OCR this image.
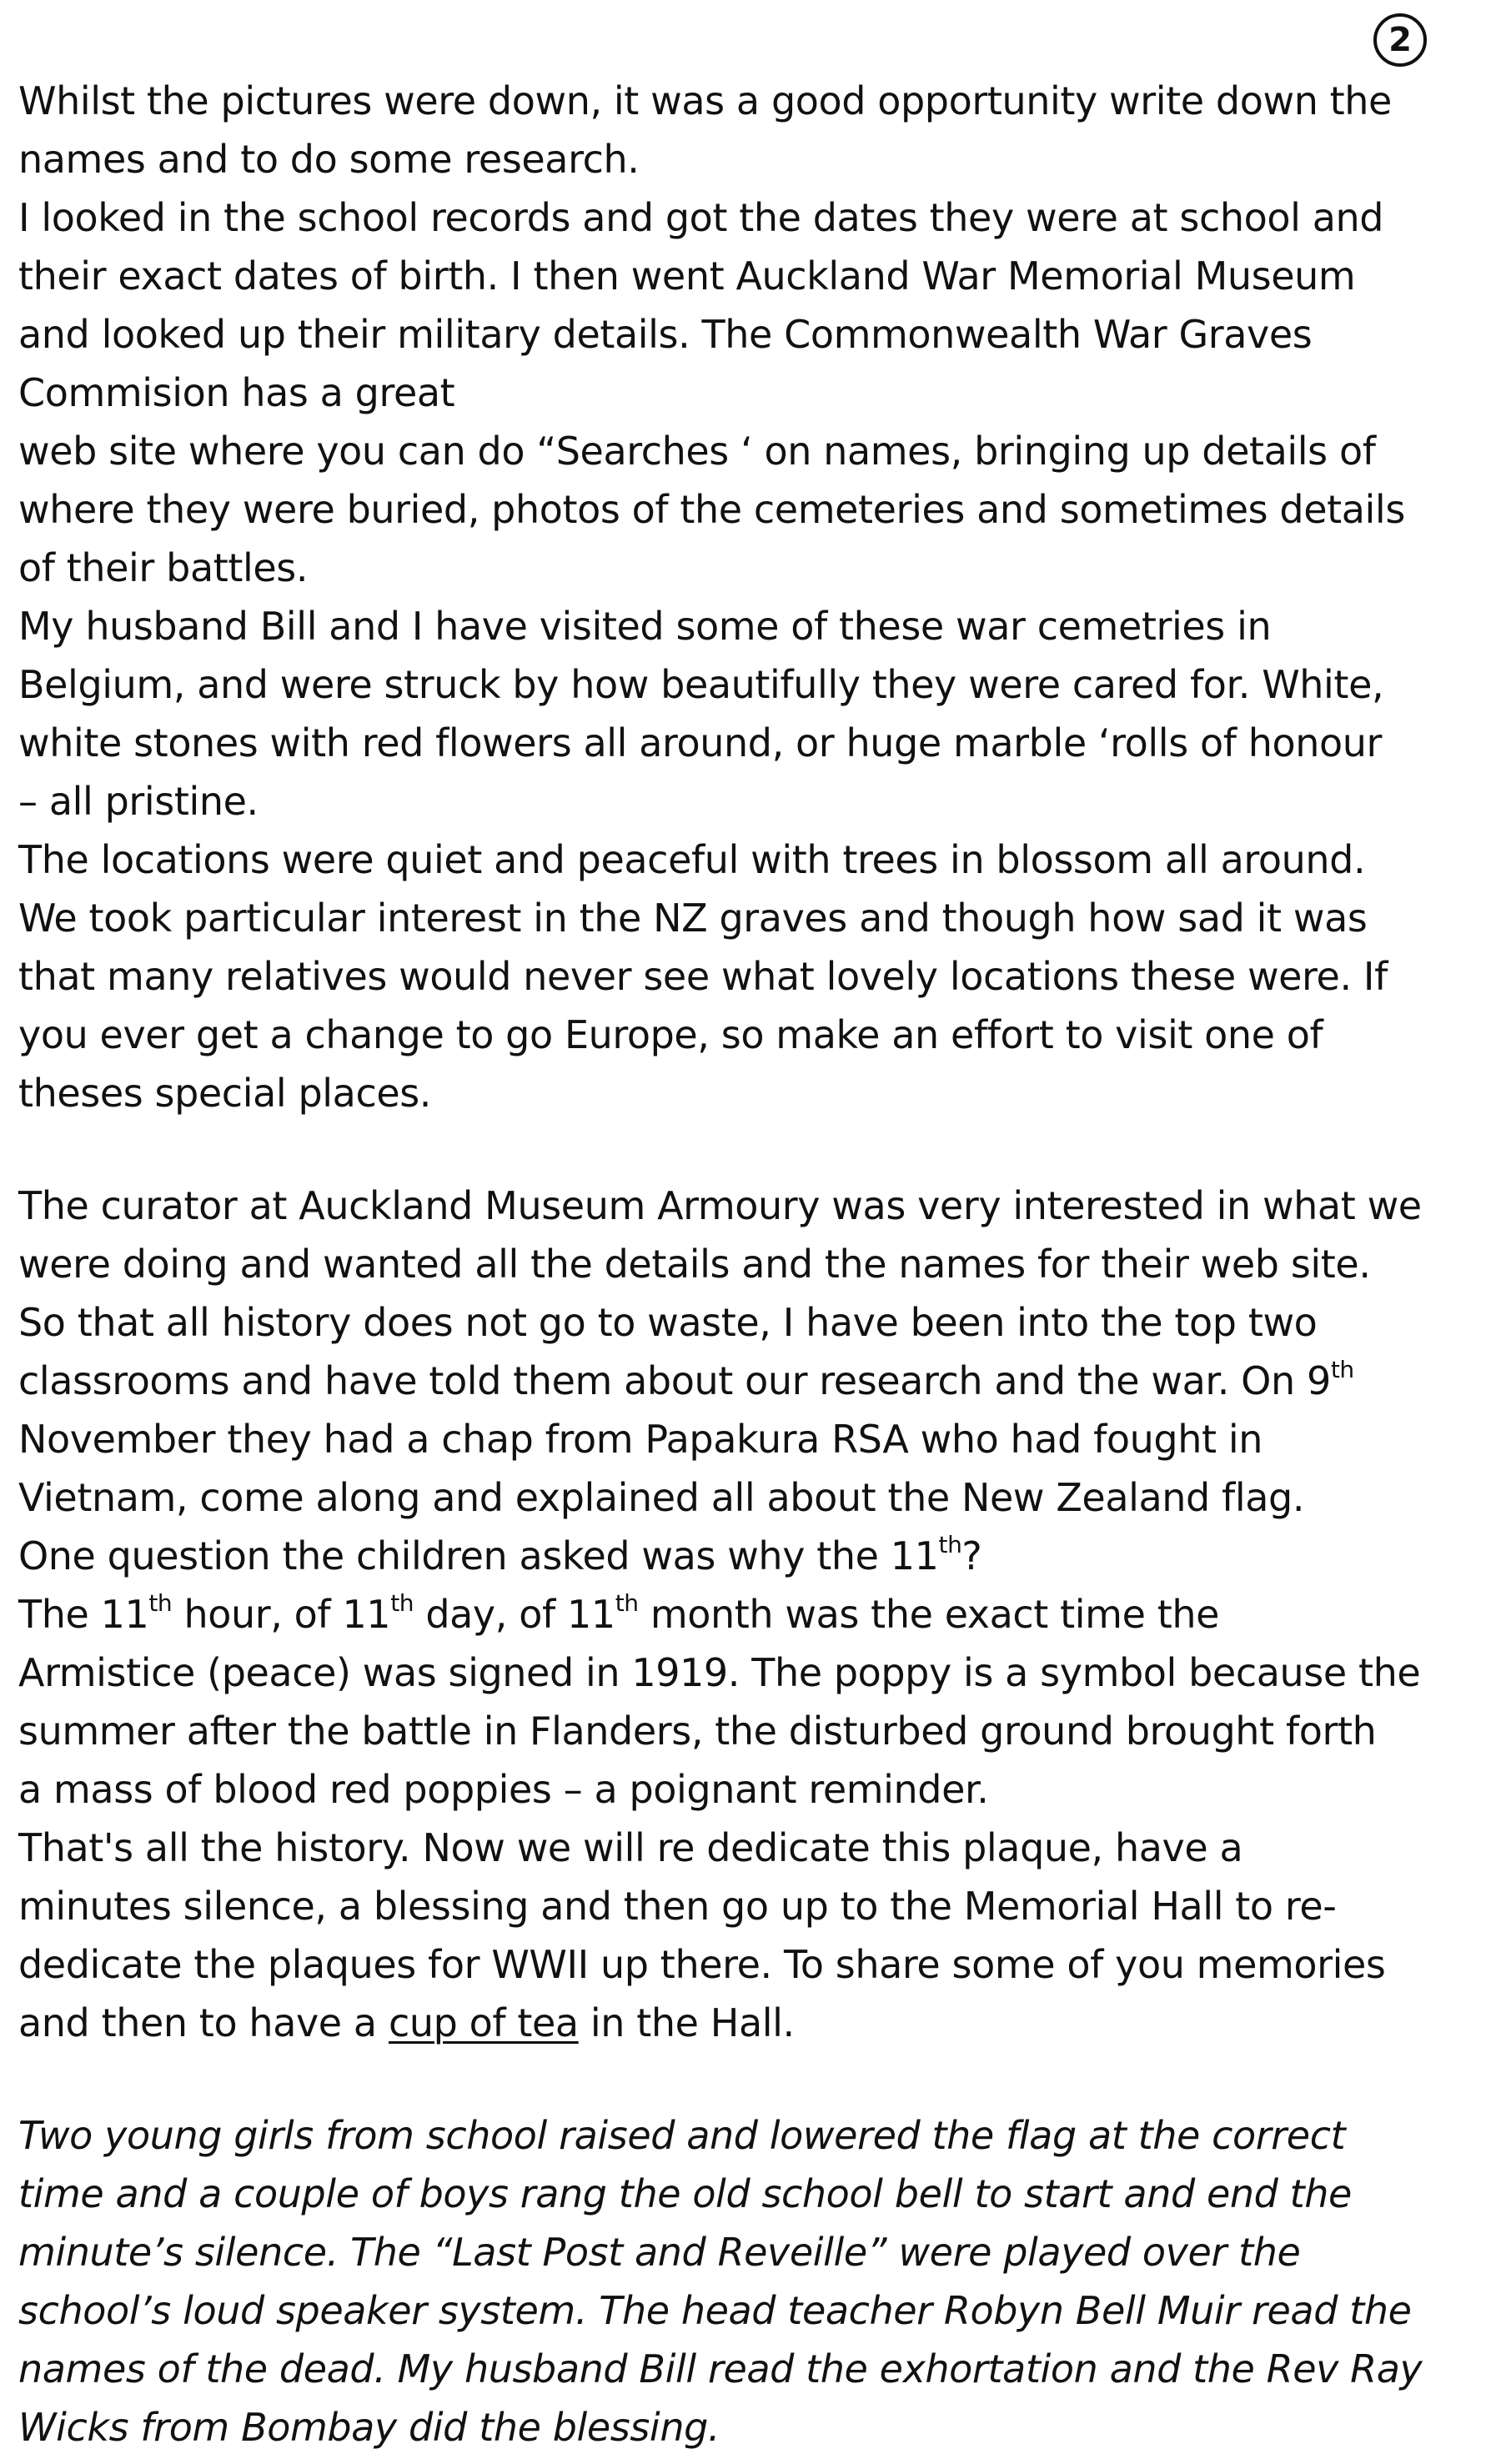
2
Whilst the pictures were down, it was a good opportunity write down the
names and to do some research.
I looked in the school records and got the dates they were at school and
their exact dates of birth. I then went Auckland War Memorial Museum
and looked up their military details. The Commonwealth War Graves
Commision has a great
web site where you can do “Searches ‘ on names, bringing up details of
where they were buried, photos of the cemeteries and sometimes details
of their battles.
My husband Bill and I have visited some of these war cemetries in
Belgium, and were struck by how beautifully they were cared for. White,
white stones with red flowers all around, or huge marble ‘rolls of honour
– all pristine.
The locations were quiet and peaceful with trees in blossom all around.
We took particular interest in the NZ graves and though how sad it was
that many relatives would never see what lovely locations these were. If
you ever get a change to go Europe, so make an effort to visit one of
theses special places.
The curator at Auckland Museum Armoury was very interested in what we
were doing and wanted all the details and the names for their web site.
So that all history does not go to waste, I have been into the top two
classrooms and have told them about our research and the war. On 9th
November they had a chap from Papakura RSA who had fought in
Vietnam, come along and explained all about the New Zealand flag.
One question the children asked was why the 11th?
The 11th hour, of 11th day, of 11th month was the exact time the
Armistice (peace) was signed in 1919. The poppy is a symbol because the
summer after the battle in Flanders, the disturbed ground brought forth
a mass of blood red poppies – a poignant reminder.
That's all the history. Now we will re dedicate this plaque, have a
minutes silence, a blessing and then go up to the Memorial Hall to re-
dedicate the plaques for WWII up there. To share some of you memories
and then to have a cup of tea in the Hall.
Two young girls from school raised and lowered the flag at the correct
time and a couple of boys rang the old school bell to start and end the
minute’s silence. The “Last Post and Reveille” were played over the
school’s loud speaker system. The head teacher Robyn Bell Muir read the
names of the dead. My husband Bill read the exhortation and the Rev Ray
Wicks from Bombay did the blessing.
